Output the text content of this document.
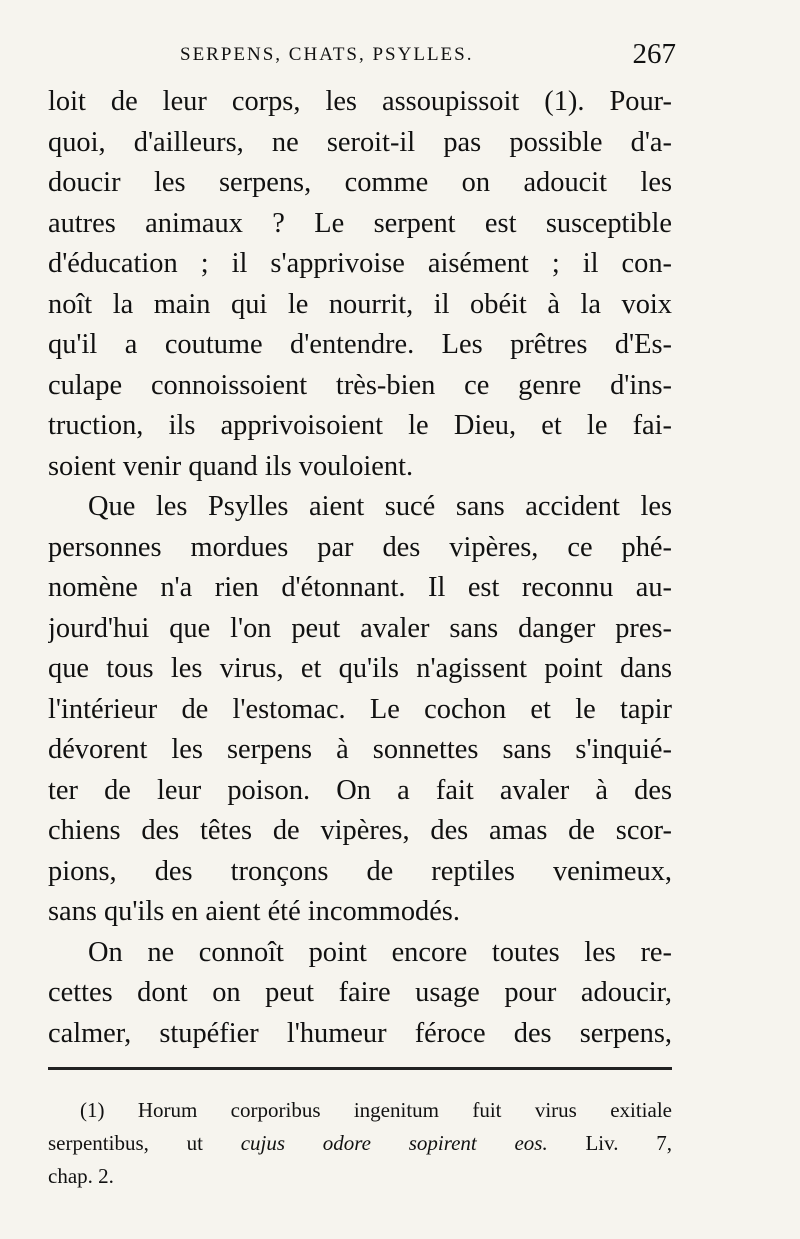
SERPENS, CHATS, PSYLLES.	267
loit de leur corps, les assoupissoit (1). Pour-
quoi, d'ailleurs, ne seroit-il pas possible d'a-
doucir les serpens, comme on adoucit les
autres animaux ? Le serpent est susceptible
d'éducation ; il s'apprivoise aisément ; il con-
noît la main qui le nourrit, il obéit à la voix
qu'il a coutume d'entendre. Les prêtres d'Es-
culape connoissoient très-bien ce genre d'ins-
truction, ils apprivoisoient le Dieu, et le fai-
soient venir quand ils vouloient.
Que les Psylles aient sucé sans accident les
personnes mordues par des vipères, ce phé-
nomène n'a rien d'étonnant. Il est reconnu au-
jourd'hui que l'on peut avaler sans danger pres-
que tous les virus, et qu'ils n'agissent point dans
l'intérieur de l'estomac. Le cochon et le tapir
dévorent les serpens à sonnettes sans s'inquié-
ter de leur poison. On a fait avaler à des
chiens des têtes de vipères, des amas de scor-
pions, des tronçons de reptiles venimeux,
sans qu'ils en aient été incommodés.
On ne connoît point encore toutes les re-
cettes dont on peut faire usage pour adoucir,
calmer, stupéfier l'humeur féroce des serpens,
(1) Horum corporibus ingenitum fuit virus exitiale
serpentibus, ut cujus odore sopirent eos. Liv. 7,
chap. 2.
